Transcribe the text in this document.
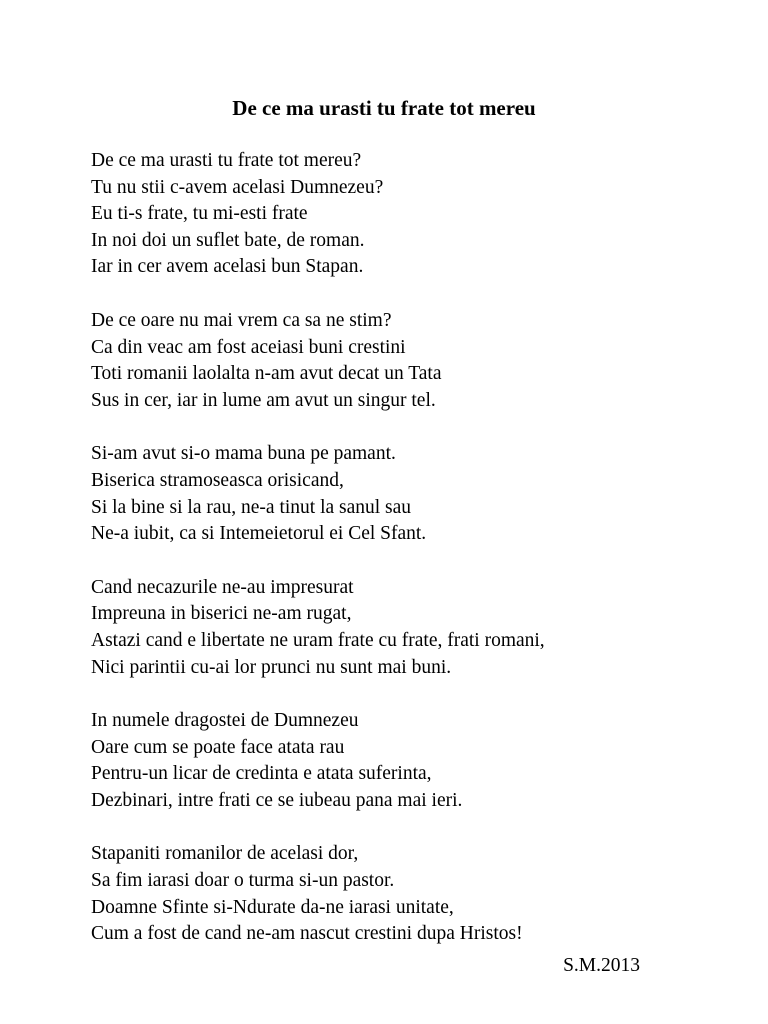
De ce ma urasti tu frate tot mereu
De ce ma urasti tu frate tot mereu?
Tu nu stii c-avem acelasi Dumnezeu?
Eu ti-s frate, tu mi-esti frate
In noi doi un suflet bate, de roman.
Iar in cer avem acelasi bun Stapan.
De ce oare nu mai vrem ca sa ne stim?
Ca din veac am fost aceiasi buni crestini
Toti romanii laolalta n-am avut decat un Tata
Sus in cer, iar in lume am avut un singur tel.
Si-am avut si-o mama buna pe pamant.
Biserica stramoseasca orisicand,
Si la bine si la rau, ne-a tinut la sanul sau
Ne-a iubit, ca si Intemeietorul ei Cel Sfant.
Cand necazurile ne-au impresurat
Impreuna in biserici ne-am rugat,
Astazi cand e libertate ne uram frate cu frate, frati romani,
Nici parintii cu-ai lor prunci nu sunt mai buni.
In numele dragostei de Dumnezeu
Oare cum se poate face atata rau
Pentru-un licar de credinta e atata suferinta,
Dezbinari, intre frati ce se iubeau pana mai ieri.
Stapaniti romanilor de acelasi dor,
Sa fim iarasi doar o turma si-un pastor.
Doamne Sfinte si-Ndurate da-ne iarasi unitate,
Cum a fost de cand ne-am nascut crestini dupa Hristos!
S.M.2013
